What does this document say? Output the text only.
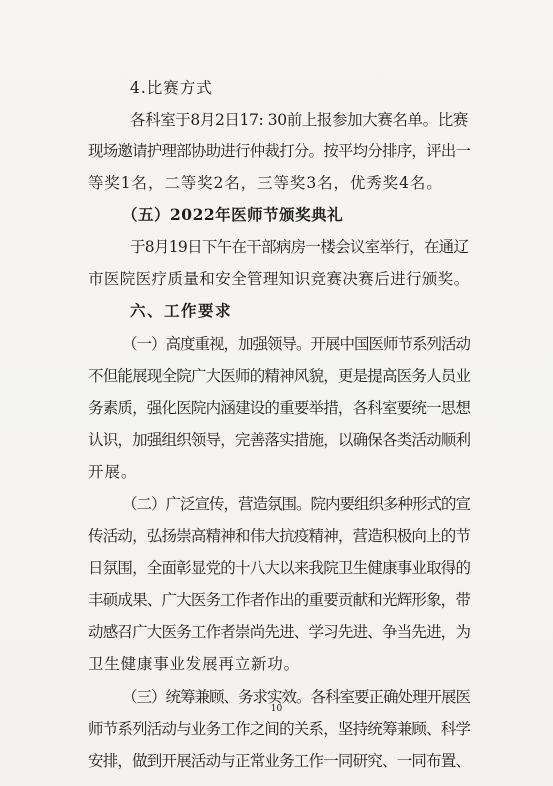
4.比赛方式
各科室于8月2日17: 30前上报参加大赛名单。比赛
现场邀请护理部协助进行仲裁打分。按平均分排序，评出一
等奖1名，二等奖2名，三等奖3名，优秀奖4名。
（五）2022年医师节颁奖典礼
于8月19日下午在干部病房一楼会议室举行，在通辽
市医院医疗质量和安全管理知识竞赛决赛后进行颁奖。
六、工作要求
（一）高度重视，加强领导。开展中国医师节系列活动
不但能展现全院广大医师的精神风貌，更是提高医务人员业
务素质，强化医院内涵建设的重要举措，各科室要统一思想
认识，加强组织领导，完善落实措施，以确保各类活动顺利
开展。
（二）广泛宣传，营造氛围。院内要组织多种形式的宣
传活动，弘扬崇高精神和伟大抗疫精神，营造积极向上的节
日氛围，全面彰显党的十八大以来我院卫生健康事业取得的
丰硕成果、广大医务工作者作出的重要贡献和光辉形象，带
动感召广大医务工作者崇尚先进、学习先进、争当先进，为
卫生健康事业发展再立新功。
（三）统筹兼顾、务求实效。各科室要正确处理开展医
师节系列活动与业务工作之间的关系，坚持统筹兼顾、科学
安排，做到开展活动与正常业务工作一同研究、一同布置、
10
